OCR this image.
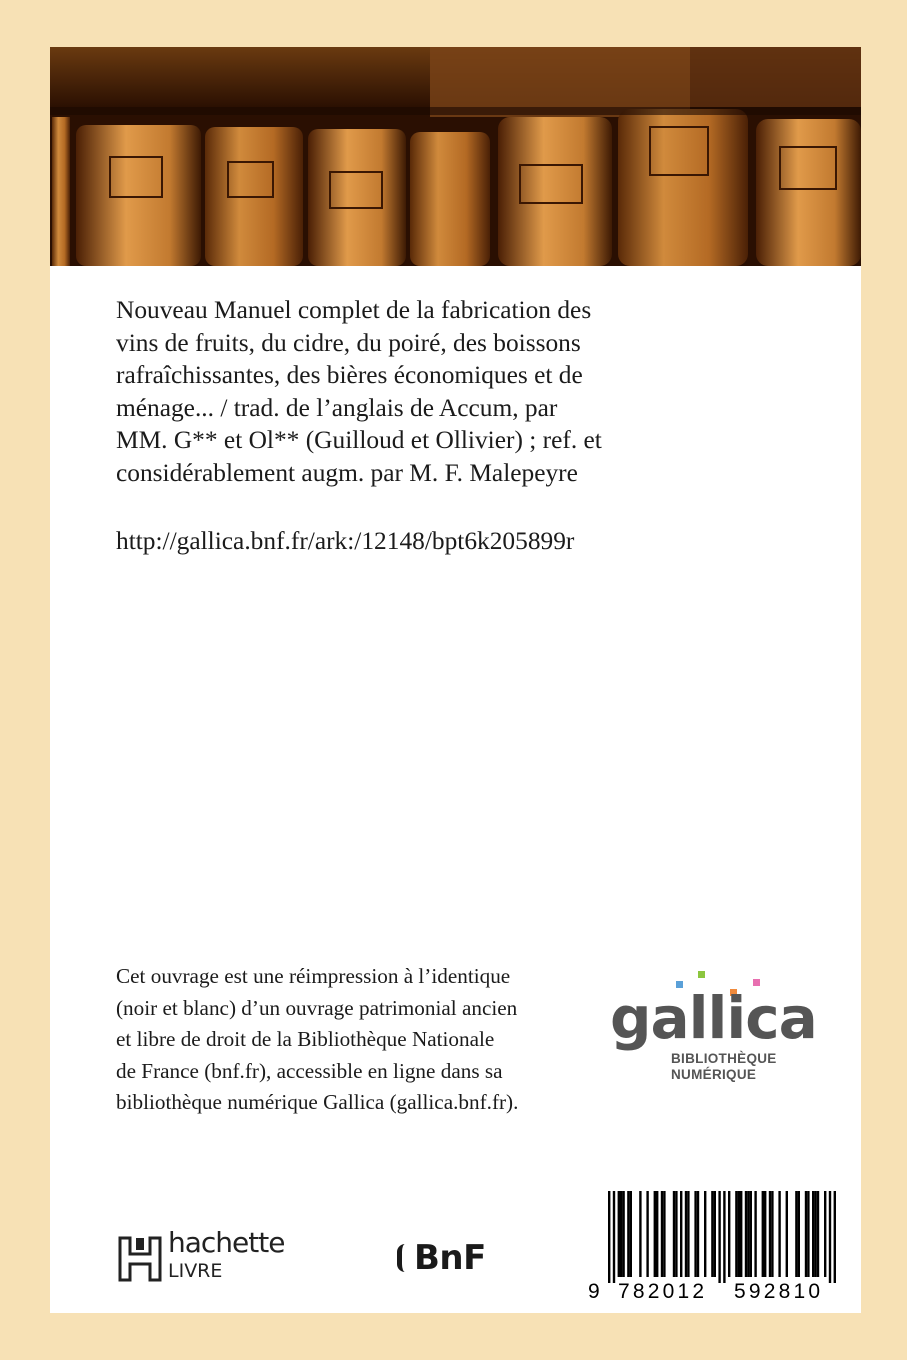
Nouveau Manuel complet de la fabrication des
vins de fruits, du cidre, du poiré, des boissons
rafraîchissantes, des bières économiques et de
ménage... / trad. de l’anglais de Accum, par
MM. G** et Ol** (Guilloud et Ollivier) ; ref. et
considérablement augm. par M. F. Malepeyre
http://gallica.bnf.fr/ark:/12148/bpt6k205899r
Cet ouvrage est une réimpression à l’identique
(noir et blanc) d’un ouvrage patrimonial ancien
et libre de droit de la Bibliothèque Nationale
de France (bnf.fr), accessible en ligne dans sa
bibliothèque numérique Gallica (gallica.bnf.fr).
gallica
BIBLIOTHÈQUE
NUMÉRIQUE
hachette
LIVRE	BnF
9 782012 592810
